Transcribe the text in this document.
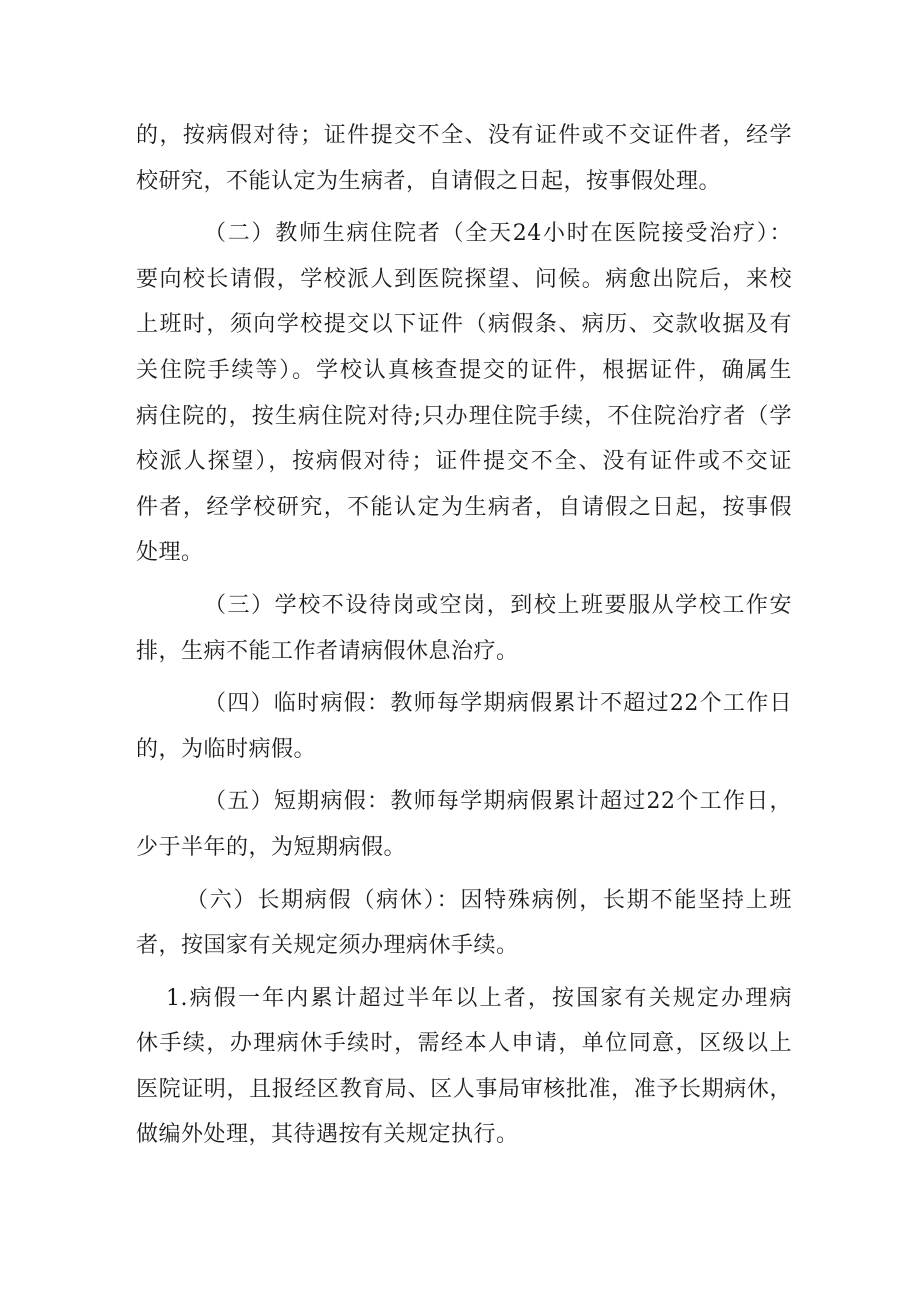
的，按病假对待；证件提交不全、没有证件或不交证件者，经学
校研究，不能认定为生病者，自请假之日起，按事假处理。
（二）教师生病住院者（全天24小时在医院接受治疗）：
要向校长请假，学校派人到医院探望、问候。病愈出院后，来校
上班时，须向学校提交以下证件（病假条、病历、交款收据及有
关住院手续等）。学校认真核查提交的证件，根据证件，确属生
病住院的，按生病住院对待;只办理住院手续，不住院治疗者（学
校派人探望），按病假对待；证件提交不全、没有证件或不交证
件者，经学校研究，不能认定为生病者，自请假之日起，按事假
处理。
（三）学校不设待岗或空岗，到校上班要服从学校工作安
排，生病不能工作者请病假休息治疗。
（四）临时病假：教师每学期病假累计不超过22个工作日
的，为临时病假。
（五）短期病假：教师每学期病假累计超过22个工作日，
少于半年的，为短期病假。
（六）长期病假（病休）：因特殊病例，长期不能坚持上班
者，按国家有关规定须办理病休手续。
1.病假一年内累计超过半年以上者，按国家有关规定办理病
休手续，办理病休手续时，需经本人申请，单位同意，区级以上
医院证明，且报经区教育局、区人事局审核批准，准予长期病休，
做编外处理，其待遇按有关规定执行。
